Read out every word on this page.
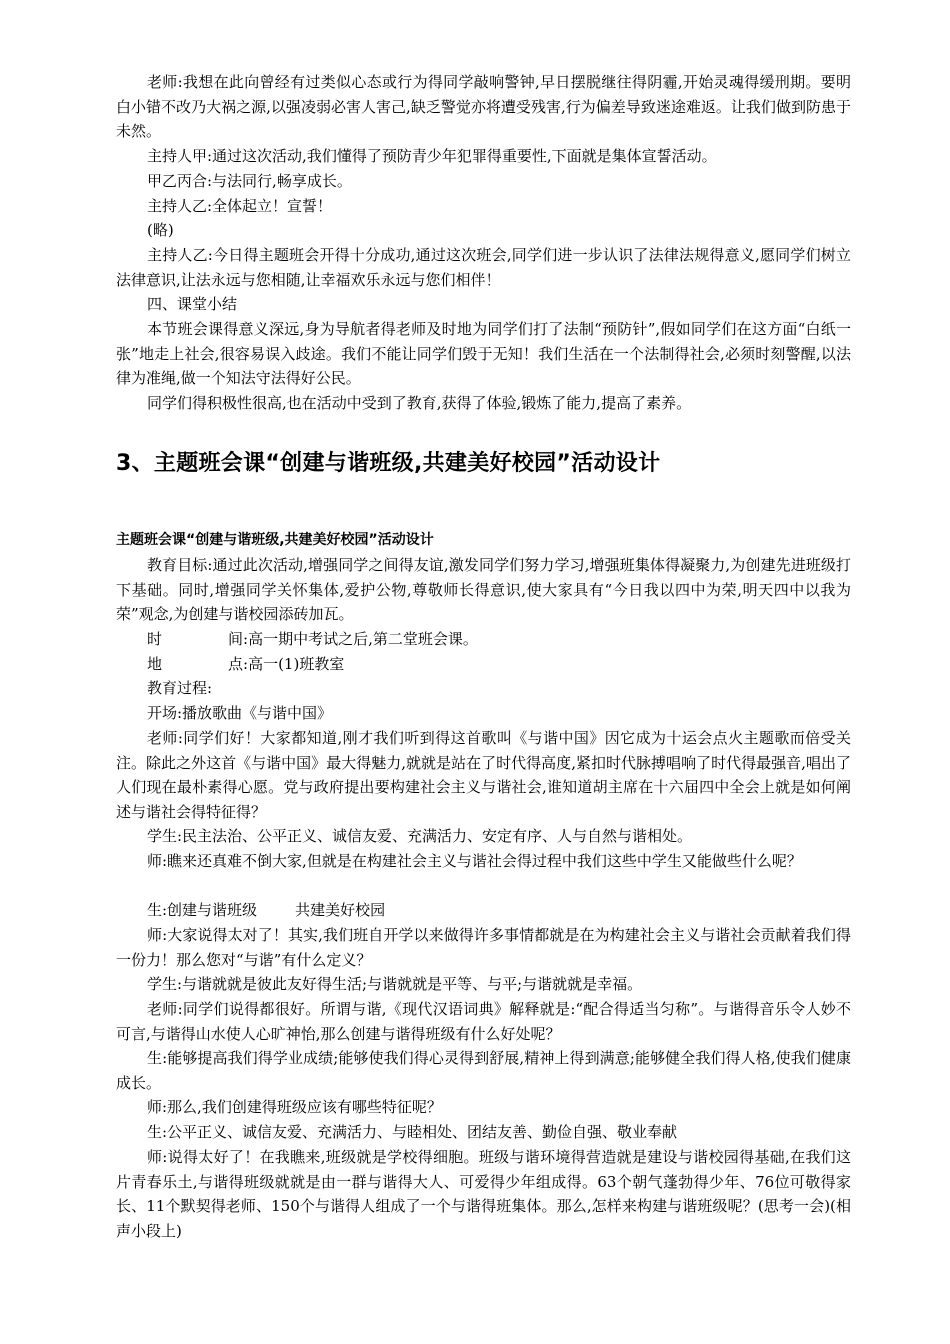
老师:我想在此向曾经有过类似心态或行为得同学敲响警钟,早日摆脱继往得阴霾,开始灵魂得缓刑期。要明白小错不改乃大祸之源,以强凌弱必害人害己,缺乏警觉亦将遭受残害,行为偏差导致迷途难返。让我们做到防患于未然。

主持人甲:通过这次活动,我们懂得了预防青少年犯罪得重要性,下面就是集体宣誓活动。

甲乙丙合:与法同行,畅享成长。

主持人乙:全体起立！宣誓！

(略)

主持人乙:今日得主题班会开得十分成功,通过这次班会,同学们进一步认识了法律法规得意义,愿同学们树立法律意识,让法永远与您相随,让幸福欢乐永远与您们相伴！

四、课堂小结

本节班会课得意义深远,身为导航者得老师及时地为同学们打了法制“预防针”,假如同学们在这方面“白纸一张”地走上社会,很容易误入歧途。我们不能让同学们毁于无知！我们生活在一个法制得社会,必须时刻警醒,以法律为准绳,做一个知法守法得好公民。

同学们得积极性很高,也在活动中受到了教育,获得了体验,锻炼了能力,提高了素养。

3、主题班会课“创建与谐班级,共建美好校园”活动设计
主题班会课“创建与谐班级,共建美好校园”活动设计

教育目标:通过此次活动,增强同学之间得友谊,激发同学们努力学习,增强班集体得凝聚力,为创建先进班级打下基础。同时,增强同学关怀集体,爱护公物,尊敬师长得意识,使大家具有“今日我以四中为荣,明天四中以我为荣”观念,为创建与谐校园添砖加瓦。

时	间:高一期中考试之后,第二堂班会课。

地	点:高一(1)班教室

教育过程:

开场:播放歌曲《与谐中国》

老师:同学们好！大家都知道,刚才我们听到得这首歌叫《与谐中国》因它成为十运会点火主题歌而倍受关注。除此之外这首《与谐中国》最大得魅力,就就是站在了时代得高度,紧扣时代脉搏唱响了时代得最强音,唱出了人们现在最朴素得心愿。党与政府提出要构建社会主义与谐社会,谁知道胡主席在十六届四中全会上就是如何阐述与谐社会得特征得？

学生:民主法治、公平正义、诚信友爱、充满活力、安定有序、人与自然与谐相处。

师:瞧来还真难不倒大家,但就是在构建社会主义与谐社会得过程中我们这些中学生又能做些什么呢？

生:创建与谐班级	共建美好校园

师:大家说得太对了！其实,我们班自开学以来做得许多事情都就是在为构建社会主义与谐社会贡献着我们得一份力！那么您对“与谐”有什么定义？

学生:与谐就就是彼此友好得生活;与谐就就是平等、与平;与谐就就是幸福。

老师:同学们说得都很好。所谓与谐,《现代汉语词典》解释就是:“配合得适当匀称”。与谐得音乐令人妙不可言,与谐得山水使人心旷神怡,那么创建与谐得班级有什么好处呢？

生:能够提高我们得学业成绩;能够使我们得心灵得到舒展,精神上得到满意;能够健全我们得人格,使我们健康成长。

师:那么,我们创建得班级应该有哪些特征呢？

生:公平正义、诚信友爱、充满活力、与睦相处、团结友善、勤俭自强、敬业奉献

师:说得太好了！在我瞧来,班级就是学校得细胞。班级与谐环境得营造就是建设与谐校园得基础,在我们这片青春乐土,与谐得班级就就是由一群与谐得大人、可爱得少年组成得。63个朝气蓬勃得少年、76位可敬得家长、11个默契得老师、150个与谐得人组成了一个与谐得班集体。那么,怎样来构建与谐班级呢？(思考一会)(相声小段上)
